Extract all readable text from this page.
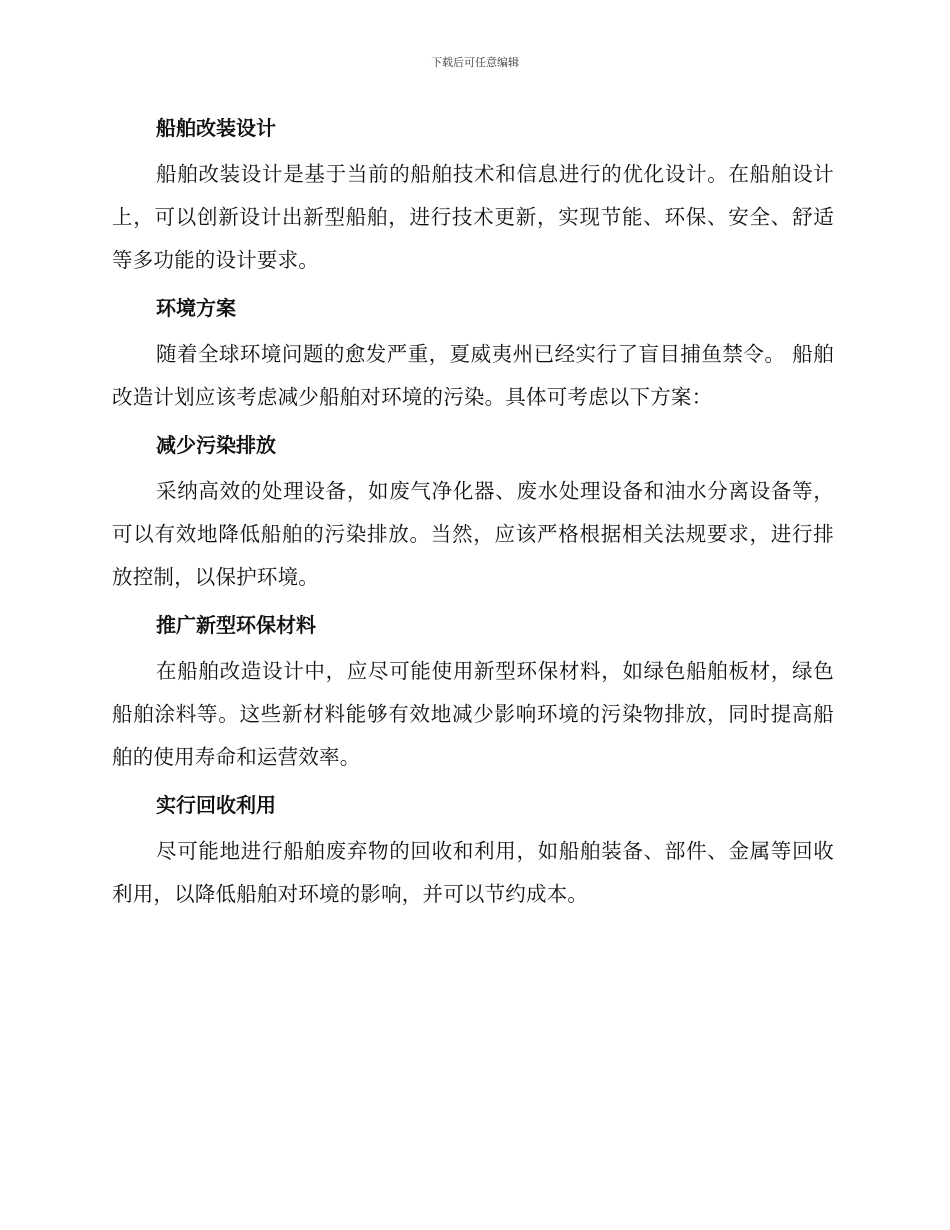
下载后可任意编辑
船舶改装设计

船舶改装设计是基于当前的船舶技术和信息进行的优化设计。在船舶设计上，可以创新设计出新型船舶，进行技术更新，实现节能、环保、安全、舒适等多功能的设计要求。

环境方案

随着全球环境问题的愈发严重，夏威夷州已经实行了盲目捕鱼禁令。 船舶改造计划应该考虑减少船舶对环境的污染。具体可考虑以下方案：

减少污染排放

采纳高效的处理设备，如废气净化器、废水处理设备和油水分离设备等，可以有效地降低船舶的污染排放。当然，应该严格根据相关法规要求，进行排放控制，以保护环境。

推广新型环保材料

在船舶改造设计中，应尽可能使用新型环保材料，如绿色船舶板材，绿色船舶涂料等。这些新材料能够有效地减少影响环境的污染物排放，同时提高船舶的使用寿命和运营效率。

实行回收利用

尽可能地进行船舶废弃物的回收和利用，如船舶装备、部件、金属等回收利用，以降低船舶对环境的影响，并可以节约成本。
